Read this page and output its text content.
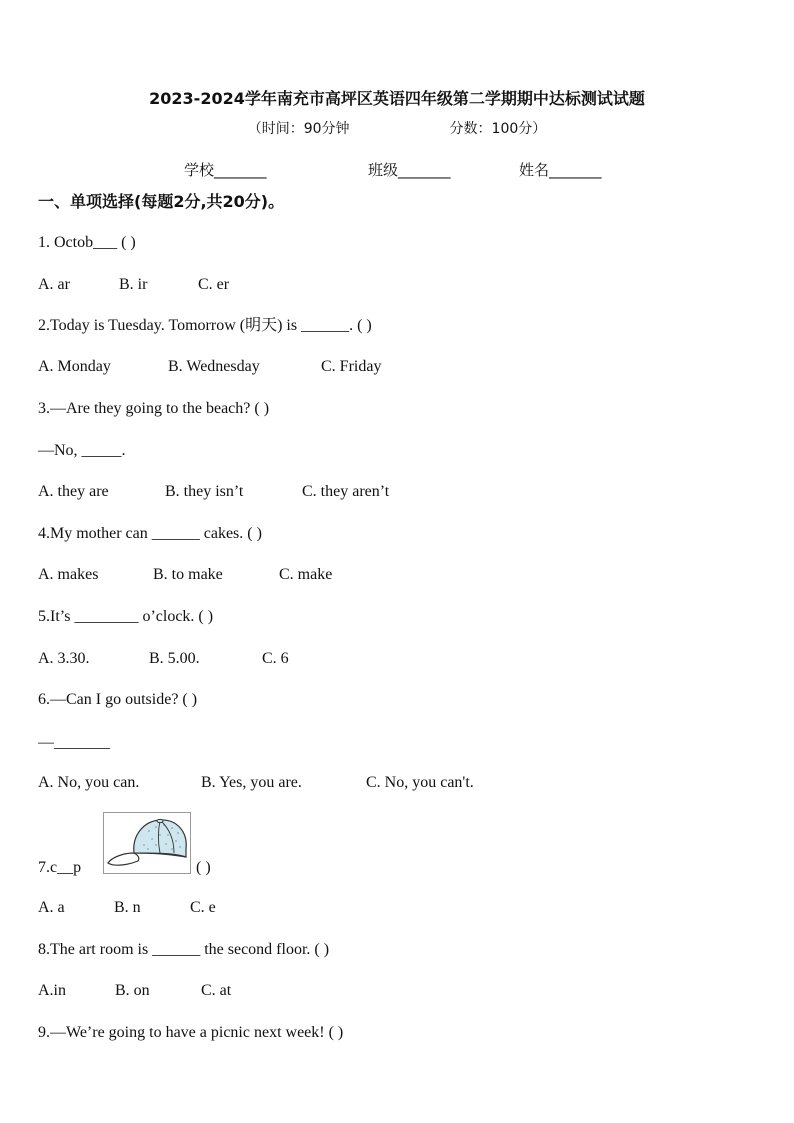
2023-2024学年南充市高坪区英语四年级第二学期期中达标测试试题
（时间：90分钟	分数：100分）
学校_______	班级_______	姓名_______
一、单项选择(每题2分,共20分)。
1. Octob___ ( )
A. ar	B. ir	C. er
2.Today is Tuesday. Tomorrow (明天) is ______. ( )
A. Monday	B. Wednesday	C. Friday
3.—Are they going to the beach? ( )
—No, _____.
A. they are	B. they isn’t	C. they aren’t
4.My mother can ______ cakes. ( )
A. makes	B. to make	C. make
5.It’s ________ o’clock. ( )
A. 3.30.	B. 5.00.	C. 6
6.—Can I go outside? ( )
—_______
A. No, you can.	B. Yes, you are.	C. No, you can't.
7.c__p	( )
A. a	B. n	C. e
8.The art room is ______ the second floor. ( )
A.in	B. on	C. at
9.—We’re going to have a picnic next week! ( )
